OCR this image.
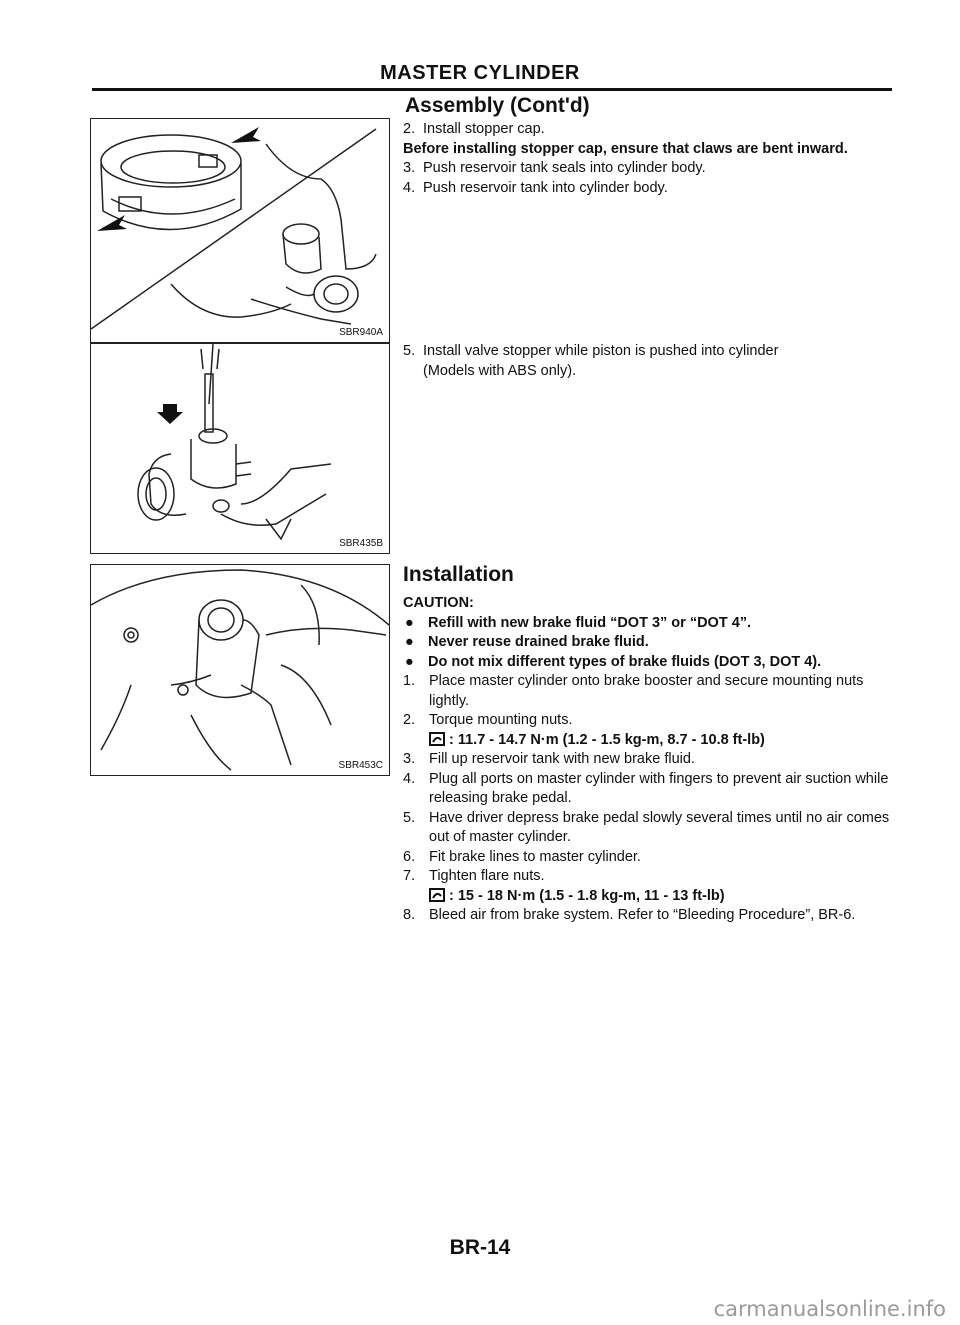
MASTER CYLINDER
Assembly (Cont'd)
SBR940A
SBR435B
SBR453C
2. Install stopper cap.
Before installing stopper cap, ensure that claws are bent inward.
3. Push reservoir tank seals into cylinder body.
4. Push reservoir tank into cylinder body.
5. Install valve stopper while piston is pushed into cylinder
(Models with ABS only).
Installation
CAUTION:
● Refill with new brake fluid “DOT 3” or “DOT 4”.
● Never reuse drained brake fluid.
● Do not mix different types of brake fluids (DOT 3, DOT 4).
1. Place master cylinder onto brake booster and secure mounting nuts lightly.
2. Torque mounting nuts.
: 11.7 - 14.7 N·m (1.2 - 1.5 kg-m, 8.7 - 10.8 ft-lb)
3. Fill up reservoir tank with new brake fluid.
4. Plug all ports on master cylinder with fingers to prevent air suction while releasing brake pedal.
5. Have driver depress brake pedal slowly several times until no air comes out of master cylinder.
6. Fit brake lines to master cylinder.
7. Tighten flare nuts.
: 15 - 18 N·m (1.5 - 1.8 kg-m, 11 - 13 ft-lb)
8. Bleed air from brake system. Refer to “Bleeding Procedure”, BR-6.
BR-14
carmanualsonline.info
